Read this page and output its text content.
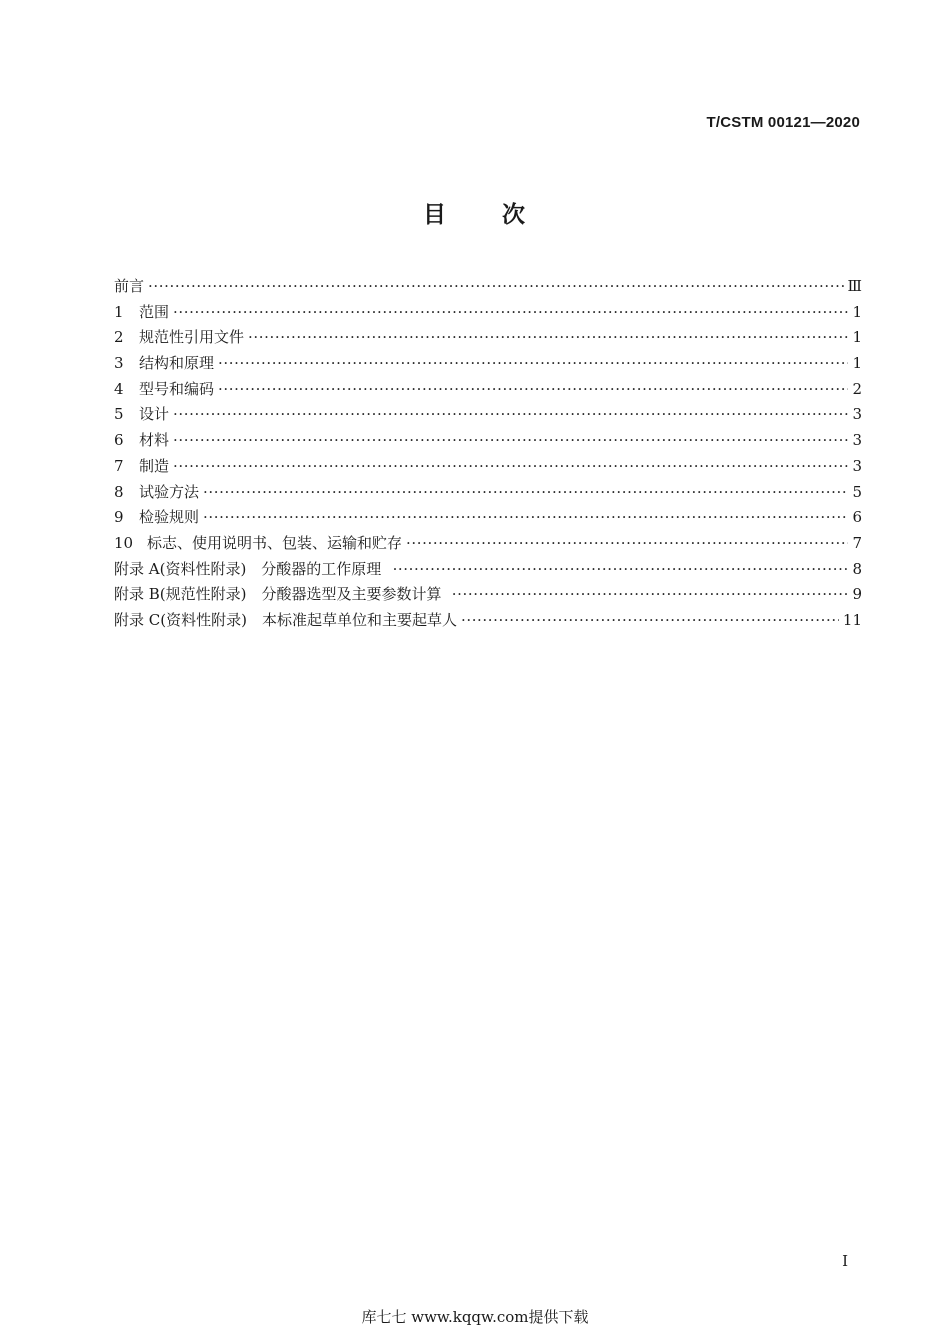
T/CSTM 00121—2020
目 次
前言 ·····	Ⅲ
1	范围 ·····	1
2	规范性引用文件 ·····	1
3	结构和原理 ·····	1
4	型号和编码 ·····	2
5	设计 ·····	3
6	材料 ·····	3
7	制造 ·····	3
8	试验方法 ·····	5
9	检验规则 ·····	6
10 标志、使用说明书、包装、运输和贮存 ·····	7
附录 A(资料性附录)　分酸器的工作原理 ·····	8
附录 B(规范性附录)　分酸器选型及主要参数计算 ·····	9
附录 C(资料性附录)　本标准起草单位和主要起草人 ·····	11
I
库七七 www.kqqw.com提供下载
